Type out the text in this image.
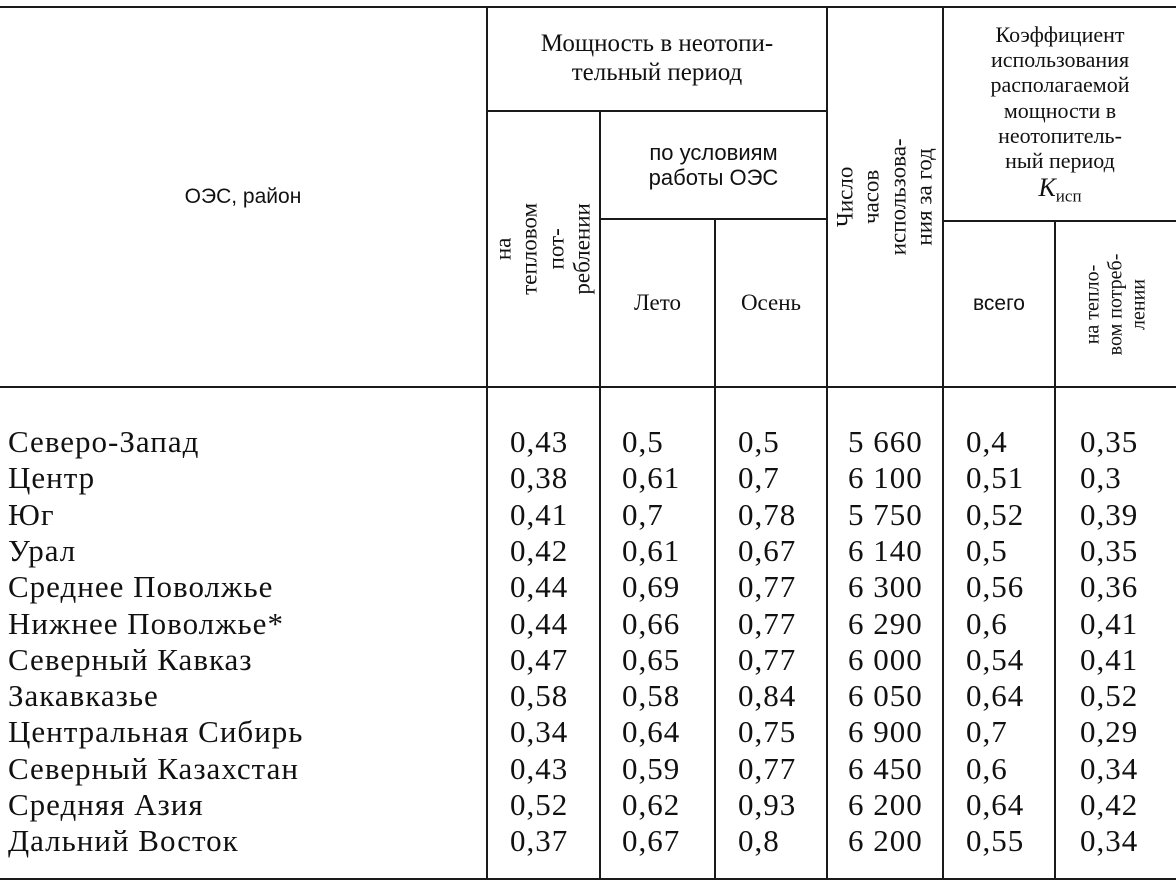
ОЭС, район
Мощность в неотопи-
тельный период
на тепловом пот-
реблении
по условиям
работы ОЭС
Лето	Осень
Число часов использова-
ния за год
Коэффициент
использования
располагаемой
мощности в
неотопитель-
ный период
$K_{исп}$
всего
на тепло-
вом потреб-
лении
Северо-Запад	0,43 0,5 0,5 5 660 0,4 0,35
Центр	0,38 0,61 0,7 6 100 0,51 0,3
Юг	0,41 0,7 0,78 5 750 0,52 0,39
Урал	0,42 0,61 0,67 6 140 0,5 0,35
Среднее Поволжье	0,44 0,69 0,77 6 300 0,56 0,36
Нижнее Поволжье*	0,44 0,66 0,77 6 290 0,6 0,41
Северный Кавказ	0,47 0,65 0,77 6 000 0,54 0,41
Закавказье	0,58 0,58 0,84 6 050 0,64 0,52
Центральная Сибирь	0,34 0,64 0,75 6 900 0,7 0,29
Северный Казахстан	0,43 0,59 0,77 6 450 0,6 0,34
Средняя Азия	0,52 0,62 0,93 6 200 0,64 0,42
Дальний Восток	0,37 0,67 0,8 6 200 0,55 0,34
